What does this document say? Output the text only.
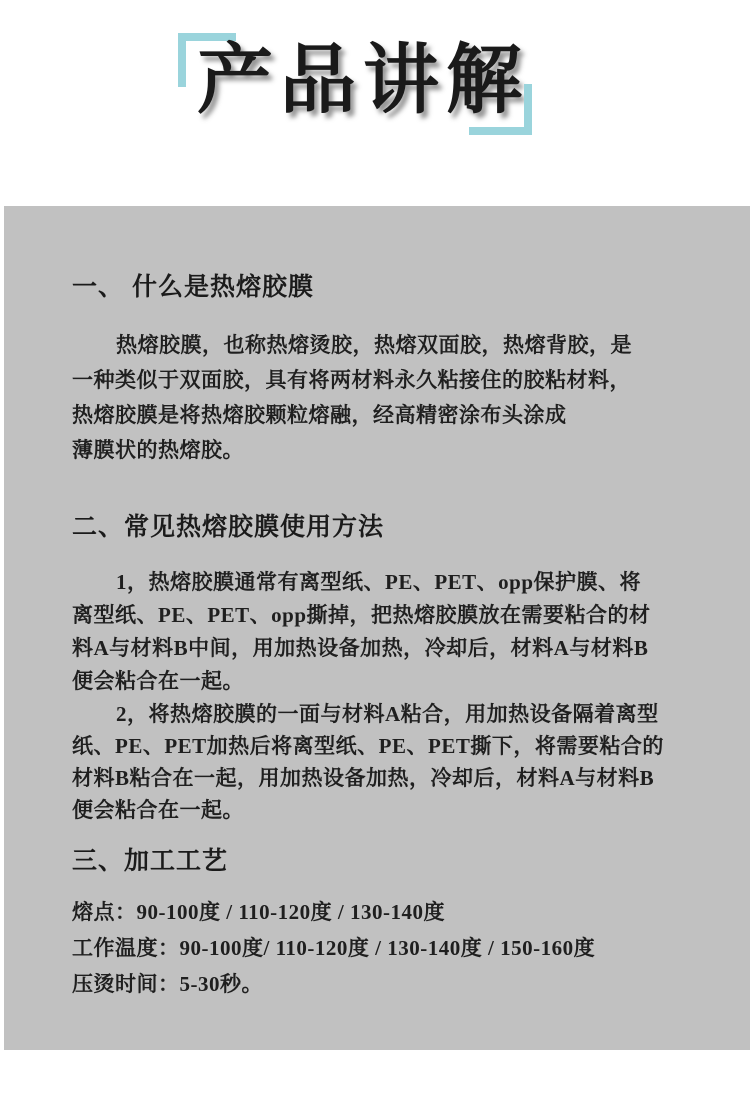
产品讲解
一、 什么是热熔胶膜
热熔胶膜，也称热熔烫胶，热熔双面胶，热熔背胶，是
一种类似于双面胶，具有将两材料永久粘接住的胶粘材料，
热熔胶膜是将热熔胶颗粒熔融，经高精密涂布头涂成
薄膜状的热熔胶。
二、常见热熔胶膜使用方法
1，热熔胶膜通常有离型纸、PE、PET、opp保护膜、将
离型纸、PE、PET、opp撕掉，把热熔胶膜放在需要粘合的材
料A与材料B中间，用加热设备加热，冷却后，材料A与材料B
便会粘合在一起。
2，将热熔胶膜的一面与材料A粘合，用加热设备隔着离型
纸、PE、PET加热后将离型纸、PE、PET撕下，将需要粘合的
材料B粘合在一起，用加热设备加热，冷却后，材料A与材料B
便会粘合在一起。
三、加工工艺
熔点：90-100度 / 110-120度 / 130-140度
工作温度：90-100度/ 110-120度 / 130-140度 / 150-160度
压烫时间：5-30秒。
